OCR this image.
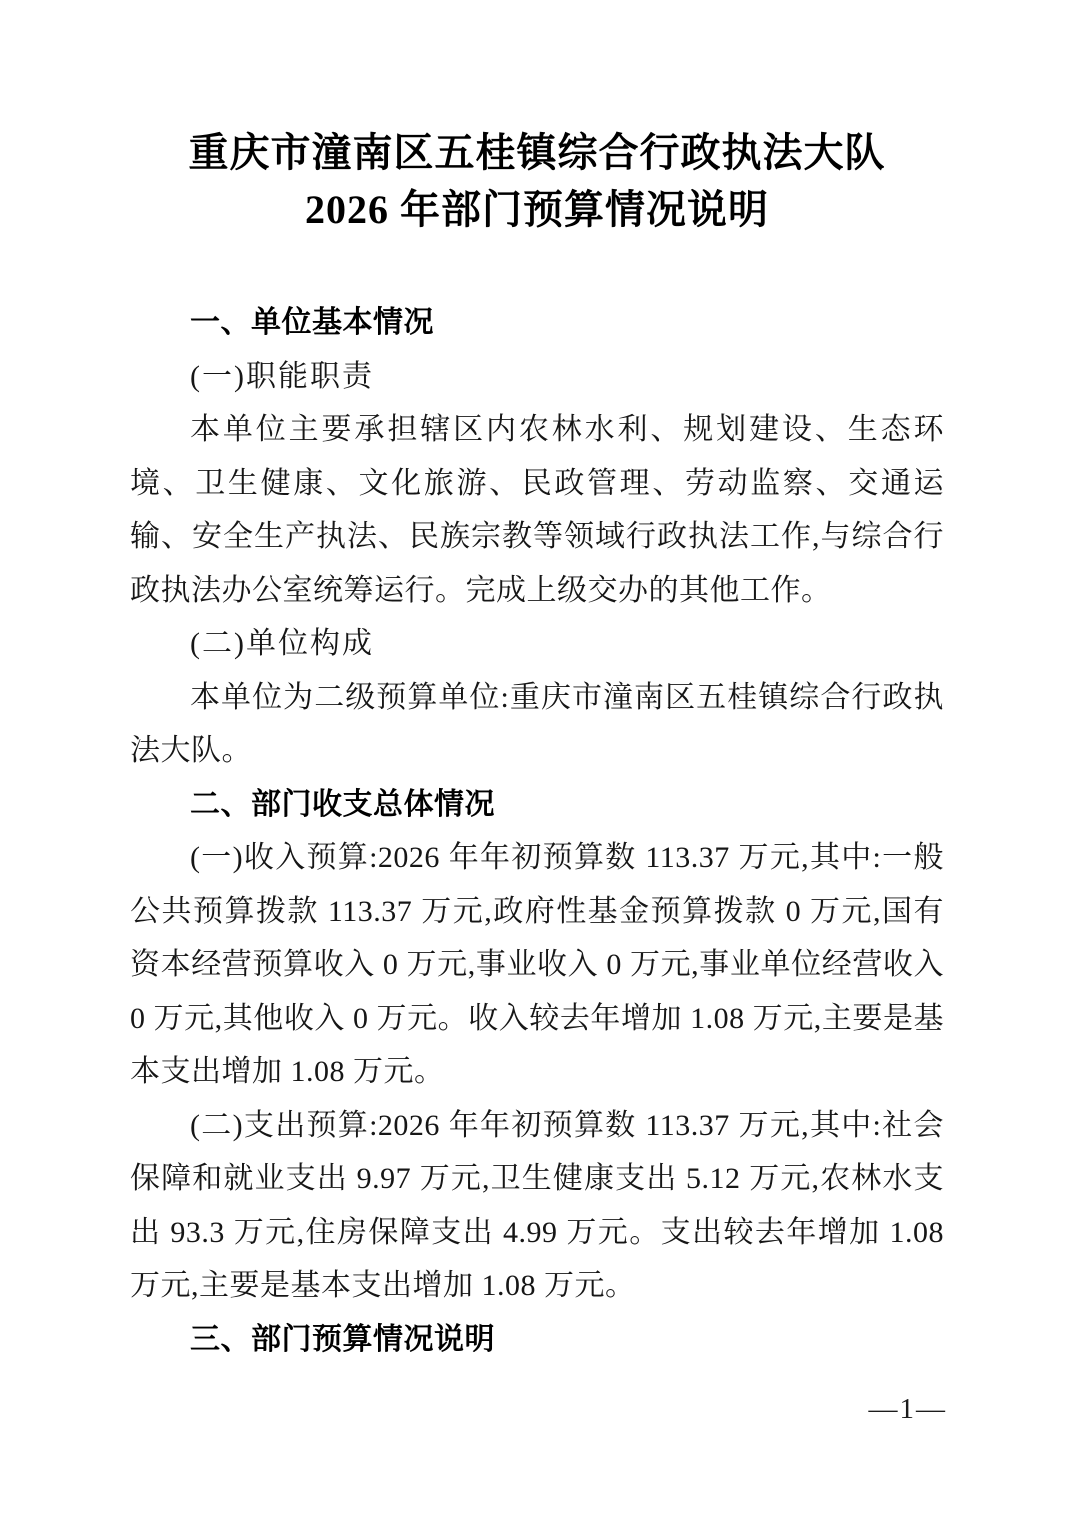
重庆市潼南区五桂镇综合行政执法大队
2026 年部门预算情况说明

一、单位基本情况

(一)职能职责

本单位主要承担辖区内农林水利、规划建设、生态环境、卫生健康、文化旅游、民政管理、劳动监察、交通运输、安全生产执法、民族宗教等领域行政执法工作,与综合行政执法办公室统筹运行。完成上级交办的其他工作。

(二)单位构成

本单位为二级预算单位:重庆市潼南区五桂镇综合行政执法大队。

二、部门收支总体情况

(一)收入预算:2026 年年初预算数 113.37 万元,其中:一般公共预算拨款 113.37 万元,政府性基金预算拨款 0 万元,国有资本经营预算收入 0 万元,事业收入 0 万元,事业单位经营收入 0 万元,其他收入 0 万元。收入较去年增加 1.08 万元,主要是基本支出增加 1.08 万元。

(二)支出预算:2026 年年初预算数 113.37 万元,其中:社会保障和就业支出 9.97 万元,卫生健康支出 5.12 万元,农林水支出 93.3 万元,住房保障支出 4.99 万元。支出较去年增加 1.08 万元,主要是基本支出增加 1.08 万元。

三、部门预算情况说明

—1—
